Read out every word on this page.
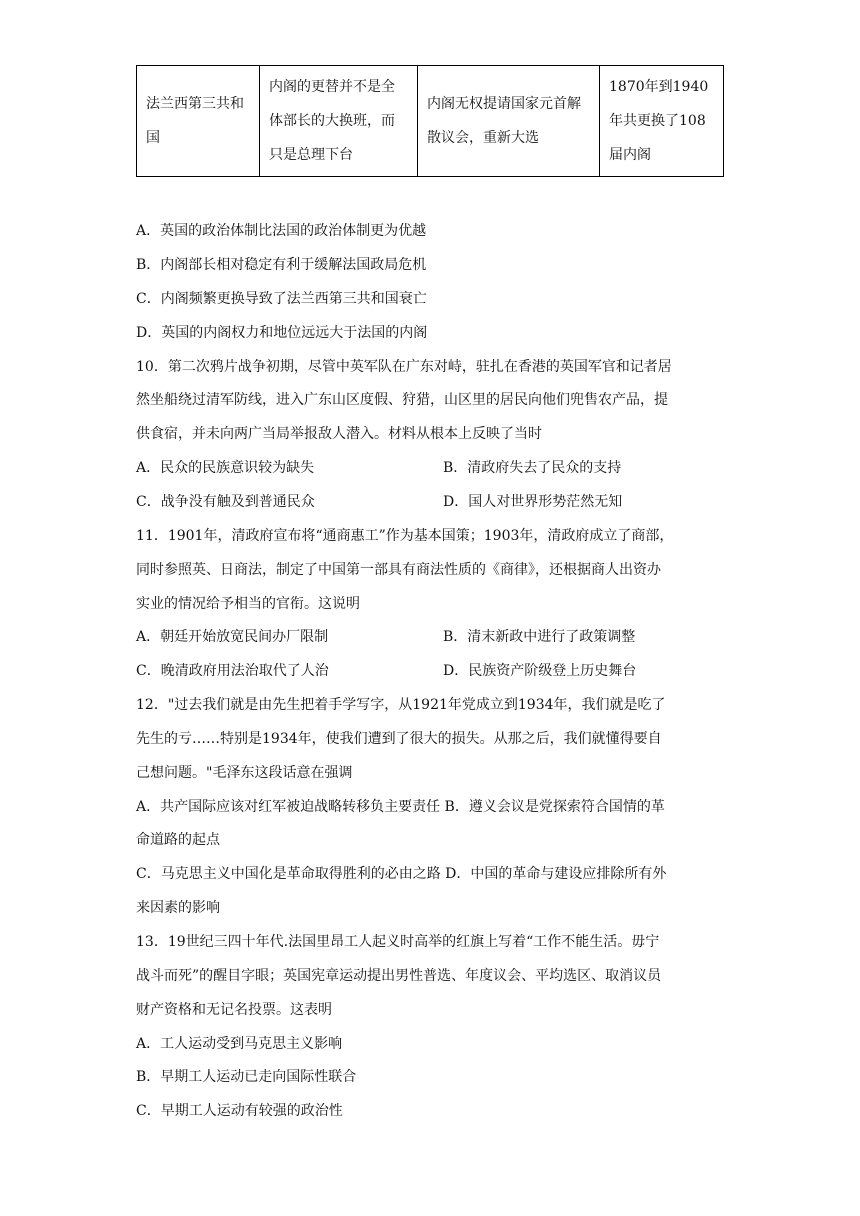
法兰西第三共和国	内阁的更替并不是全体部长的大换班，而只是总理下台	内阁无权提请国家元首解散议会，重新大选	1870年到1940年共更换了108届内阁
A．英国的政治体制比法国的政治体制更为优越
B．内阁部长相对稳定有利于缓解法国政局危机
C．内阁频繁更换导致了法兰西第三共和国衰亡
D．英国的内阁权力和地位远远大于法国的内阁
10．第二次鸦片战争初期，尽管中英军队在广东对峙，驻扎在香港的英国军官和记者居
然坐船绕过清军防线，进入广东山区度假、狩猎，山区里的居民向他们兜售农产品，提
供食宿，并未向两广当局举报敌人潜入。材料从根本上反映了当时
A．民众的民族意识较为缺失	B．清政府失去了民众的支持
C．战争没有触及到普通民众	D．国人对世界形势茫然无知
11．1901年，清政府宣布将“通商惠工”作为基本国策；1903年，清政府成立了商部，
同时参照英、日商法，制定了中国第一部具有商法性质的《商律》，还根据商人出资办
实业的情况给予相当的官衔。这说明
A．朝廷开始放宽民间办厂限制	B．清末新政中进行了政策调整
C．晚清政府用法治取代了人治	D．民族资产阶级登上历史舞台
12．"过去我们就是由先生把着手学写字，从1921年党成立到1934年，我们就是吃了
先生的亏……特别是1934年，使我们遭到了很大的损失。从那之后，我们就懂得要自
己想问题。"毛泽东这段话意在强调
A．共产国际应该对红军被迫战略转移负主要责任 B．遵义会议是党探索符合国情的革
命道路的起点
C．马克思主义中国化是革命取得胜利的必由之路 D．中国的革命与建设应排除所有外
来因素的影响
13．19世纪三四十年代.法国里昂工人起义时高举的红旗上写着“工作不能生活。毋宁
战斗而死”的醒目字眼；英国宪章运动提出男性普选、年度议会、平均选区、取消议员
财产资格和无记名投票。这表明
A．工人运动受到马克思主义影响
B．早期工人运动已走向国际性联合
C．早期工人运动有较强的政治性
